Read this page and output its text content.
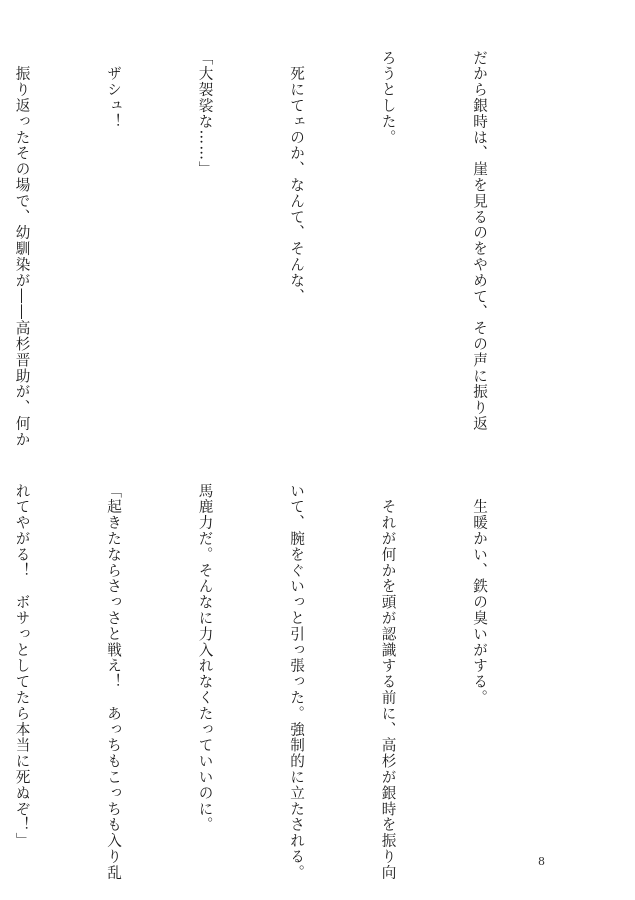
だから銀時は、崖を見るのをやめて、その声に振り返

ろうとした。

　死にてェのか、なんて、そんな、

「大袈裟な……」

　ザシュ！

　振り返ったその場で、幼馴染が――高杉晋助が、何か

　生暖かい、鉄の臭いがする。

　それが何かを頭が認識する前に、高杉が銀時を振り向

いて、腕をぐいっと引っ張った。強制的に立たされる。

馬鹿力だ。そんなに力入れなくたっていいのに。

「起きたならさっさと戦え！　あっちもこっちも入り乱

れてやがる！　ボサっとしてたら本当に死ぬぞ！」

8
